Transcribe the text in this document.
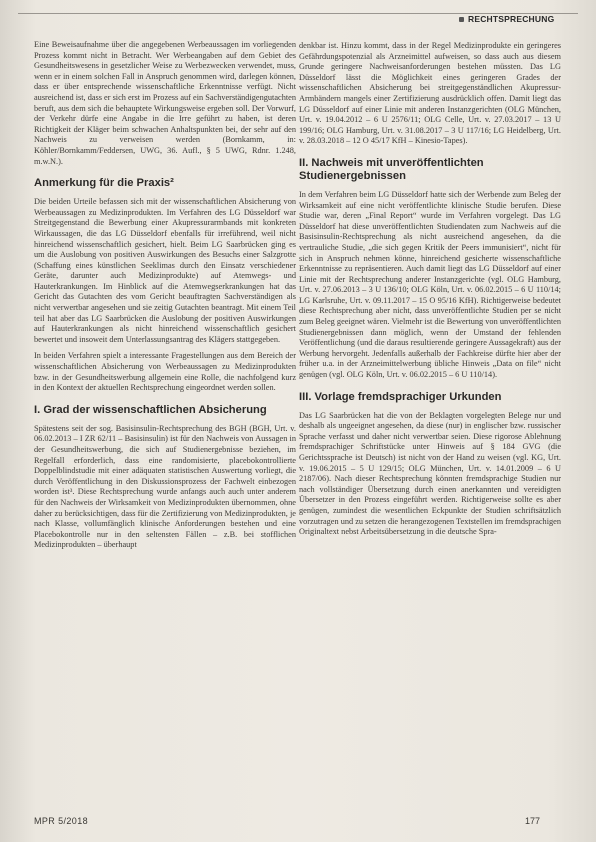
RECHTSPRECHUNG

Eine Beweisaufnahme über die angegebenen Werbeaussagen im vorliegenden Prozess kommt nicht in Betracht. Wer Werbeangaben auf dem Gebiet des Gesundheitswesens in gesetzlicher Weise zu Werbezwecken verwendet, muss, wenn er in einem solchen Fall in Anspruch genommen wird, darlegen können, dass er über entsprechende wissenschaftliche Erkenntnisse verfügt. Nicht ausreichend ist, dass er sich erst im Prozess auf ein Sachverständigengutachten beruft, aus dem sich die behauptete Wirkungsweise ergeben soll. Der Vorwurf, der Verkehr dürfe eine Angabe in die Irre geführt zu haben, ist deren Richtigkeit der Kläger beim schwachen Anhaltspunkten bei, der sehr auf den Nachweis zu verweisen werden (Bornkamm, in: Köhler/Bornkamm/Feddersen, UWG, 36. Aufl., § 5 UWG, Rdnr. 1.248, m.w.N.).

Anmerkung für die Praxis²

Die beiden Urteile befassen sich mit der wissenschaftlichen Absicherung von Werbeaussagen zu Medizinprodukten. Im Verfahren des LG Düsseldorf war Streitgegenstand die Bewerbung einer Akupressurarmbands mit konkreten Wirkaussagen, die das LG Düsseldorf ebenfalls für irreführend, weil nicht hinreichend wissenschaftlich gesichert, hielt. Beim LG Saarbrücken ging es um die Auslobung von positiven Auswirkungen des Besuchs einer Salzgrotte (Schaffung eines künstlichen Seeklimas durch den Einsatz verschiedener Geräte, darunter auch Medizinprodukte) auf Atemwegs- und Hauterkrankungen. Im Hinblick auf die Atemwegserkrankungen hat das Gericht das Gutachten des vom Gericht beauftragten Sachverständigen als nicht verwertbar angesehen und sie zeitig Gutachten beantragt. Mit einem Teil teil hat aber das LG Saarbrücken die Auslobung der positiven Auswirkungen auf Hauterkrankungen als nicht hinreichend wissenschaftlich gesichert bewertet und insoweit dem Unterlassungsantrag des Klägers stattgegeben.

In beiden Verfahren spielt a interessante Fragestellungen aus dem Bereich der wissenschaftlichen Absicherung von Werbeaussagen zu Medizinprodukten bzw. in der Gesundheitswerbung allgemein eine Rolle, die nachfolgend kurz in den Kontext der aktuellen Rechtsprechung eingeordnet werden sollen.

I. Grad der wissenschaftlichen Absicherung

Spätestens seit der sog. Basisinsulin-Rechtsprechung des BGH (BGH, Urt. v. 06.02.2013 – I ZR 62/11 – Basisinsulin) ist für den Nachweis von Aussagen in der Gesundheitswerbung, die sich auf Studienergebnisse beziehen, im Regelfall erforderlich, dass eine randomisierte, placebokontrollierte Doppelblindstudie mit einer adäquaten statistischen Auswertung vorliegt, die durch Veröffentlichung in den Diskussionsprozess der Fachwelt einbezogen worden ist³. Diese Rechtsprechung wurde anfangs auch auch unter anderem für den Nachweis der Wirksamkeit von Medizinprodukten übernommen, ohne daher zu berücksichtigen, dass für die Zertifizierung von Medizinprodukten, je nach Klasse, vollumfänglich klinische Anforderungen bestehen und eine Placebokontrolle nur in den seltensten Fällen – z.B. bei stofflichen Medizinprodukten – überhaupt

denkbar ist. Hinzu kommt, dass in der Regel Medizinprodukte ein geringeres Gefährdungspotenzial als Arzneimittel aufweisen, so dass auch aus diesem Grunde geringere Nachweisanforderungen bestehen müssten. Das LG Düsseldorf lässt die Möglichkeit eines geringeren Grades der wissenschaftlichen Absicherung bei streitgegenständlichen Akupressur-Armbändern mangels einer Zertifizierung ausdrücklich offen. Damit liegt das LG Düsseldorf auf einer Linie mit anderen Instanzgerichten (OLG München, Urt. v. 19.04.2012 – 6 U 2576/11; OLG Celle, Urt. v. 27.03.2017 – 13 U 199/16; OLG Hamburg, Urt. v. 31.08.2017 – 3 U 117/16; LG Heidelberg, Urt. v. 28.03.2018 – 12 O 45/17 KfH – Kinesio-Tapes).

II. Nachweis mit unveröffentlichten Studienergebnissen

In dem Verfahren beim LG Düsseldorf hatte sich der Werbende zum Beleg der Wirksamkeit auf eine nicht veröffentlichte klinische Studie berufen. Diese Studie war, deren „Final Report“ wurde im Verfahren vorgelegt. Das LG Düsseldorf hat diese unveröffentlichten Studiendaten zum Nachweis auf die Basisinsulin-Rechtsprechung als nicht ausreichend angesehen, da die vertrauliche Studie, „die sich gegen Kritik der Peers immunisiert“, nicht für sich in Anspruch nehmen könne, hinreichend gesicherte wissenschaftliche Erkenntnisse zu repräsentieren. Auch damit liegt das LG Düsseldorf auf einer Linie mit der Rechtsprechung anderer Instanzgerichte (vgl. OLG Hamburg, Urt. v. 27.06.2013 – 3 U 136/10; OLG Köln, Urt. v. 06.02.2015 – 6 U 110/14; LG Karlsruhe, Urt. v. 09.11.2017 – 15 O 95/16 KfH). Richtigerweise bedeutet diese Rechtsprechung aber nicht, dass unveröffentlichte Studien per se nicht zum Beleg geeignet wären. Vielmehr ist die Bewertung von unveröffentlichten Studienergebnissen dann möglich, wenn der Umstand der fehlenden Veröffentlichung (und die daraus resultierende geringere Aussagekraft) aus der Werbung hervorgeht. Jedenfalls außerhalb der Fachkreise dürfte hier aber der früher u.a. in der Arzneimittelwerbung übliche Hinweis „Data on file“ nicht genügen (vgl. OLG Köln, Urt. v. 06.02.2015 – 6 U 110/14).

III. Vorlage fremdsprachiger Urkunden

Das LG Saarbrücken hat die von der Beklagten vorgelegten Belege nur und deshalb als ungeeignet angesehen, da diese (nur) in englischer bzw. russischer Sprache verfasst und daher nicht verwertbar seien. Diese rigorose Ablehnung fremdsprachiger Schriftstücke unter Hinweis auf § 184 GVG (die Gerichtssprache ist Deutsch) ist nicht von der Hand zu weisen (vgl. KG, Urt. v. 19.06.2015 – 5 U 129/15; OLG München, Urt. v. 14.01.2009 – 6 U 2187/06). Nach dieser Rechtsprechung könnten fremdsprachige Studien nur nach vollständiger Übersetzung durch einen anerkannten und vereidigten Übersetzer in den Prozess eingeführt werden. Richtigerweise sollte es aber genügen, zumindest die wesentlichen Eckpunkte der Studien schriftsätzlich vorzutragen und zu setzen die herangezogenen Textstellen im fremdsprachigen Originaltext nebst Arbeitsübersetzung in die deutsche Spra-

MPR 5/2018	177
